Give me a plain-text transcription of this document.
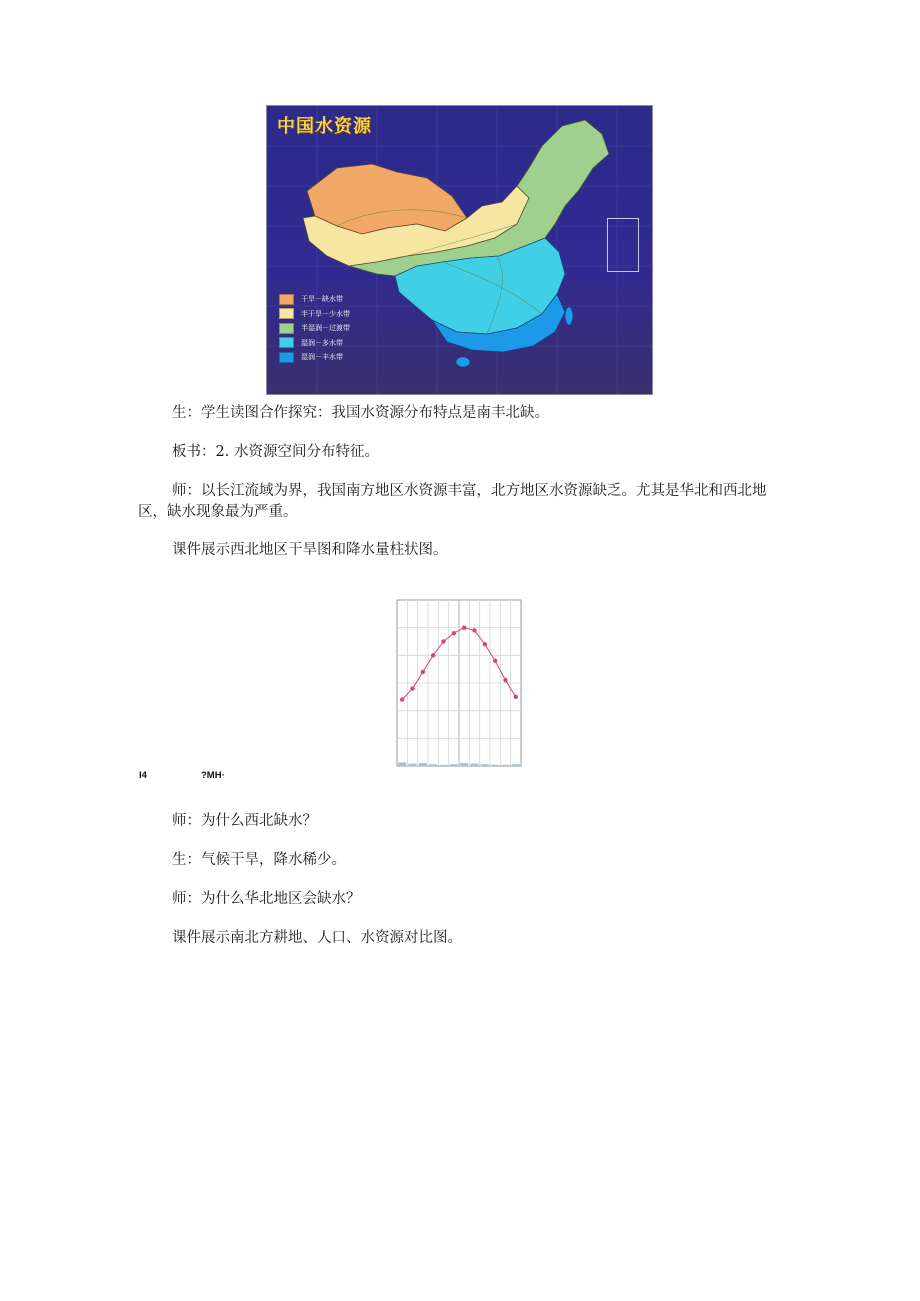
中国水资源
干旱－缺水带
半干旱－少水带
半湿润－过渡带
湿润－多水带
湿润－丰水带
生：学生读图合作探究：我国水资源分布特点是南丰北缺。
板书：2. 水资源空间分布特征。
师：以长江流域为界，我国南方地区水资源丰富，北方地区水资源缺乏。尤其是华北和西北地区，缺水现象最为严重。
课件展示西北地区干旱图和降水量柱状图。
I4	?MH·
师：为什么西北缺水？
生：气候干旱，降水稀少。
师：为什么华北地区会缺水？
课件展示南北方耕地、人口、水资源对比图。
